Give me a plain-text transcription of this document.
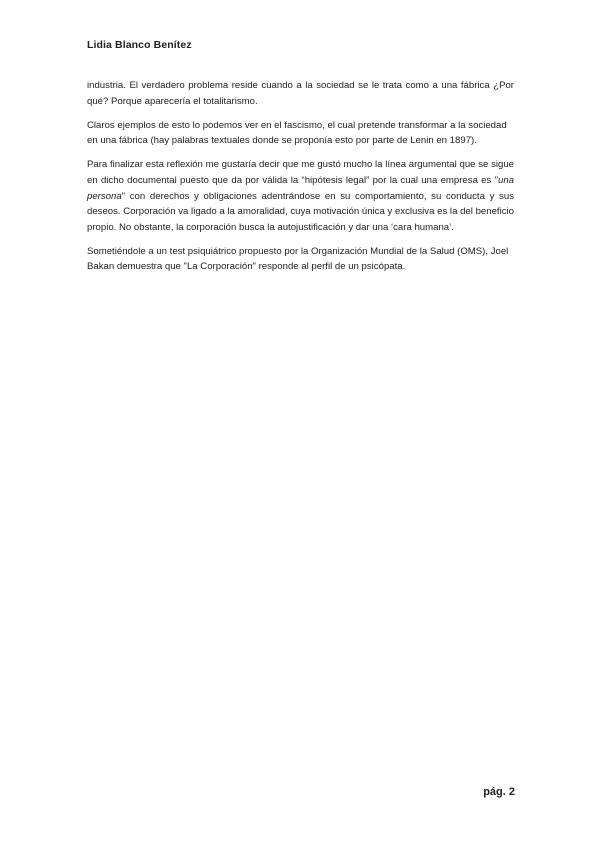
Lidia Blanco Benítez

industria. El verdadero problema reside cuando a la sociedad se le trata como a una fábrica ¿Por qué? Porque aparecería el totalitarismo.

Claros ejemplos de esto lo podemos ver en el fascismo, el cual pretende transformar a la sociedad en una fábrica (hay palabras textuales donde se proponía esto por parte de Lenin en 1897).

Para finalizar esta reflexión me gustaría decir que me gustó mucho la línea argumental que se sigue en dicho documental puesto que da por válida la “hipótesis legal” por la cual una empresa es "una persona" con derechos y obligaciones adentrándose en su comportamiento, su conducta y sus deseos. Corporación va ligado a la amoralidad, cuya motivación única y exclusiva es la del beneficio propio. No obstante, la corporación busca la autojustificación y dar una ‘cara humana’.

Sometiéndole a un test psiquiátrico propuesto por la Organización Mundial de la Salud (OMS), Joel Bakan demuestra que "La Corporación" responde al perfil de un psicópata.

pág. 2
